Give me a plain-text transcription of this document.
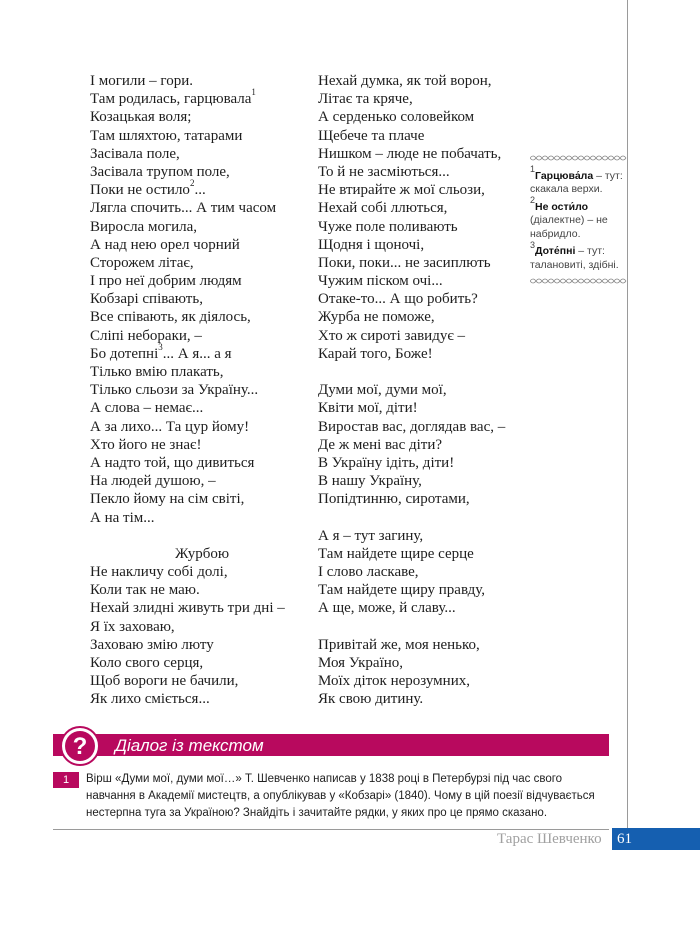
І могили – гори.
Там родилась, гарцювала$^1$
Козацькая воля;
Там шляхтою, татарами
Засівала поле,
Засівала трупом поле,
Поки не остило$^2$...
Лягла спочить... А тим часом
Виросла могила,
А над нею орел чорний
Сторожем літає,
І про неї добрим людям
Кобзарі співають,
Все співають, як діялось,
Сліпі небораки, –
Бо дотепні$^3$... А я... а я
Тілько вмію плакать,
Тілько сльози за Україну...
А слова – немає...
А за лихо... Та цур йому!
Хто його не знає!
А надто той, що дивиться
На людей душою, –
Пекло йому на сім світі,
А на тім...
Журбою
Не накличу собі долі,
Коли так не маю.
Нехай злидні живуть три дні –
Я їх заховаю,
Заховаю змію люту
Коло свого серця,
Щоб вороги не бачили,
Як лихо сміється...
Нехай думка, як той ворон,
Літає та кряче,
А серденько соловейком
Щебече та плаче
Нишком – люде не побачать,
То й не засміються...
Не втирайте ж мої сльози,
Нехай собі ллються,
Чуже поле поливають
Щодня і щоночі,
Поки, поки... не засиплють
Чужим піском очі...
Отаке-то... А що робить?
Журба не поможе,
Хто ж сироті завидує –
Карай того, Боже!
Думи мої, думи мої,
Квіти мої, діти!
Виростав вас, доглядав вас, –
Де ж мені вас діти?
В Україну ідіть, діти!
В нашу Україну,
Попідтинню, сиротами,
А я – тут загину,
Там найдете щире серце
І слово ласкаве,
Там найдете щиру правду,
А ще, може, й славу...
Привітай же, моя ненько,
Моя Україно,
Моїх діток нерозумних,
Як свою дитину.
$^1$Гарцюва́ла – тут: скакала верхи.
$^2$Не ости́ло (діалектне) – не набридло.
$^3$Доте́пні – тут: талановиті, здібні.
? Діалог із текстом
1	Вірш «Думи мої, думи мої…» Т. Шевченко написав у 1838 році в Петербурзі під час свого навчання в Академії мистецтв, а опублікував у «Кобзарі» (1840). Чому в цій поезії відчувається нестерпна туга за Україною? Знайдіть і зачитайте рядки, у яких про це прямо сказано.
Тарас Шевченко 61
